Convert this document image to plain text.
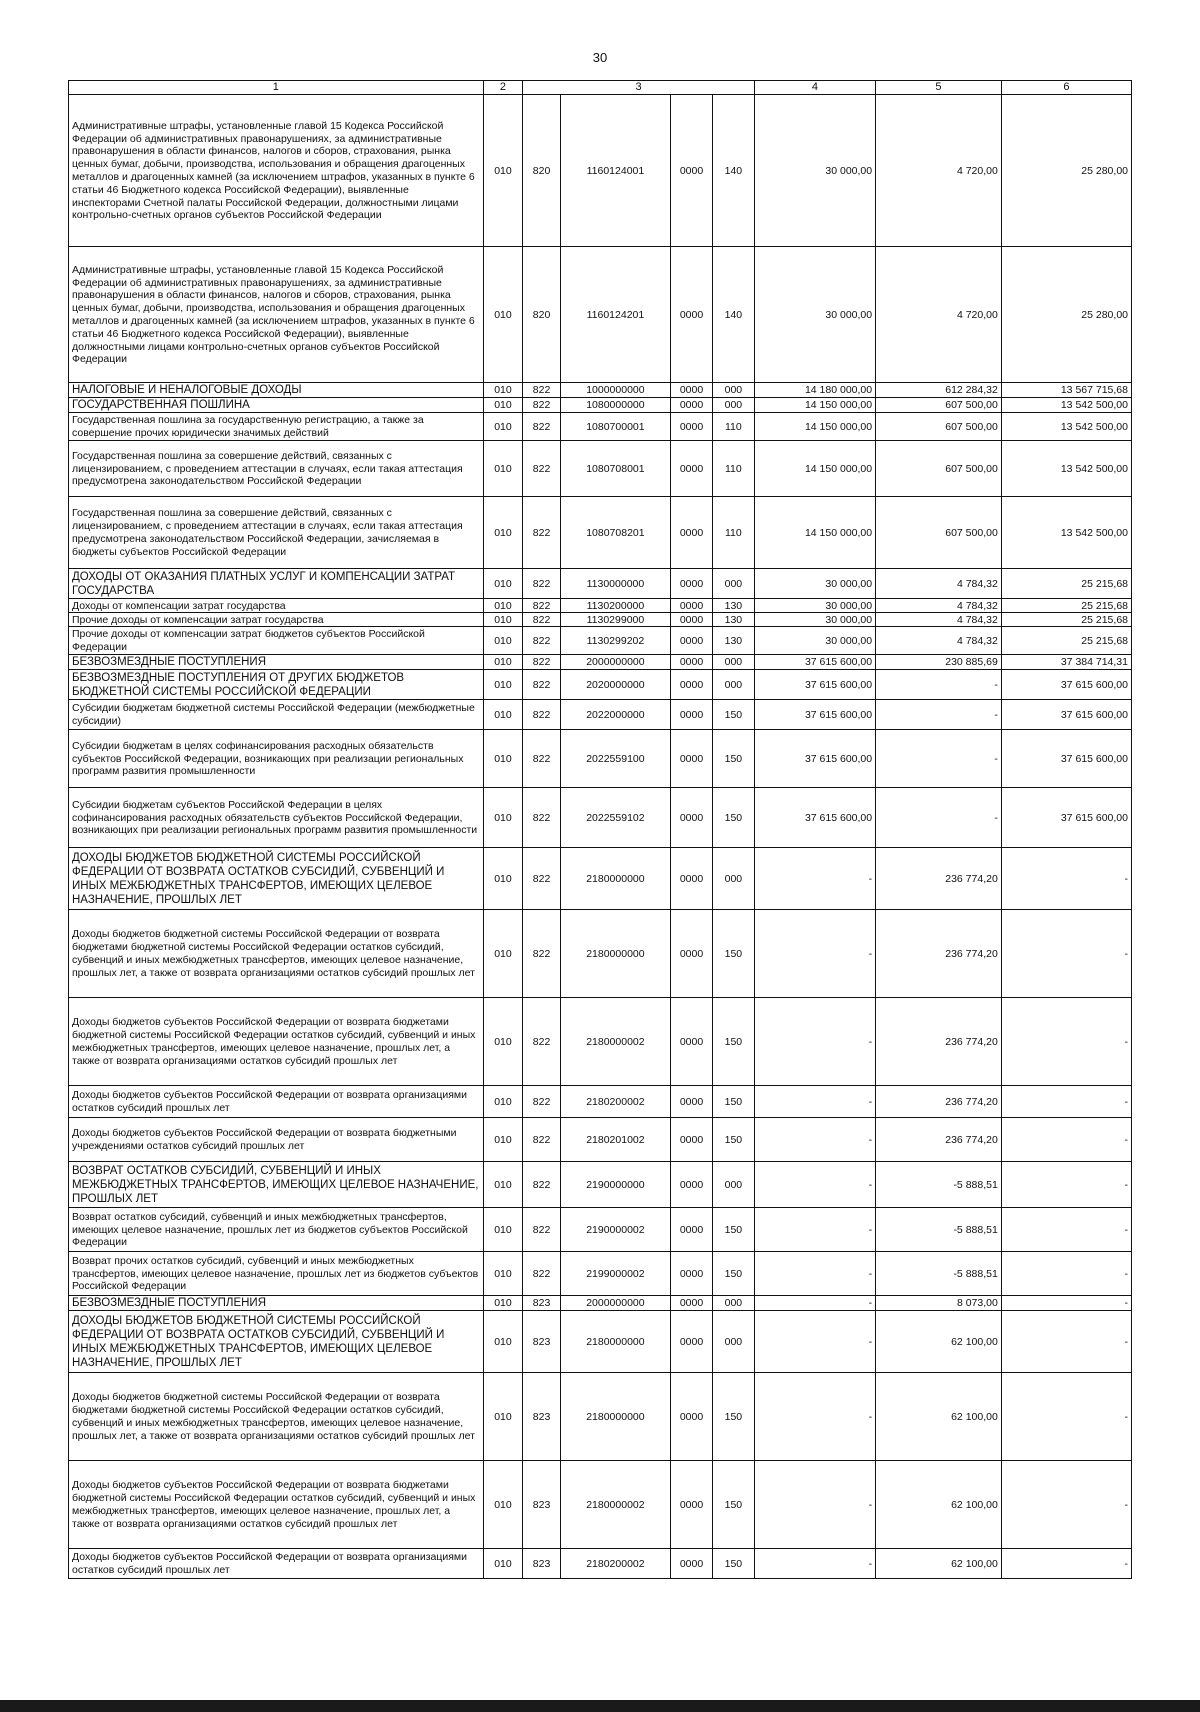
30
1	2	3				4	5	6
Административные штрафы, установленные главой 15 Кодекса Российской Федерации об административных правонарушениях, за административные правонарушения в области финансов, налогов и сборов, страхования, рынка ценных бумаг, добычи, производства, использования и обращения драгоценных металлов и драгоценных камней (за исключением штрафов, указанных в пункте 6 статьи 46 Бюджетного кодекса Российской Федерации), выявленные инспекторами Счетной палаты Российской Федерации, должностными лицами контрольно-счетных органов субъектов Российской Федерации	010	820	1160124001	0000	140	30 000,00	4 720,00	25 280,00
Административные штрафы, установленные главой 15 Кодекса Российской Федерации об административных правонарушениях, за административные правонарушения в области финансов, налогов и сборов, страхования, рынка ценных бумаг, добычи, производства, использования и обращения драгоценных металлов и драгоценных камней (за исключением штрафов, указанных в пункте 6 статьи 46 Бюджетного кодекса Российской Федерации), выявленные должностными лицами контрольно-счетных органов субъектов Российской Федерации	010	820	1160124201	0000	140	30 000,00	4 720,00	25 280,00
НАЛОГОВЫЕ И НЕНАЛОГОВЫЕ ДОХОДЫ	010	822	1000000000	0000	000	14 180 000,00	612 284,32	13 567 715,68
ГОСУДАРСТВЕННАЯ ПОШЛИНА	010	822	1080000000	0000	000	14 150 000,00	607 500,00	13 542 500,00
Государственная пошлина за государственную регистрацию, а также за совершение прочих юридически значимых действий	010	822	1080700001	0000	110	14 150 000,00	607 500,00	13 542 500,00
Государственная пошлина за совершение действий, связанных с лицензированием, с проведением аттестации в случаях, если такая аттестация предусмотрена законодательством Российской Федерации	010	822	1080708001	0000	110	14 150 000,00	607 500,00	13 542 500,00
Государственная пошлина за совершение действий, связанных с лицензированием, с проведением аттестации в случаях, если такая аттестация предусмотрена законодательством Российской Федерации, зачисляемая в бюджеты субъектов Российской Федерации	010	822	1080708201	0000	110	14 150 000,00	607 500,00	13 542 500,00
ДОХОДЫ ОТ ОКАЗАНИЯ ПЛАТНЫХ УСЛУГ И КОМПЕНСАЦИИ ЗАТРАТ ГОСУДАРСТВА	010	822	1130000000	0000	000	30 000,00	4 784,32	25 215,68
Доходы от компенсации затрат государства	010	822	1130200000	0000	130	30 000,00	4 784,32	25 215,68
Прочие доходы от компенсации затрат государства	010	822	1130299000	0000	130	30 000,00	4 784,32	25 215,68
Прочие доходы от компенсации затрат бюджетов субъектов Российской Федерации	010	822	1130299202	0000	130	30 000,00	4 784,32	25 215,68
БЕЗВОЗМЕЗДНЫЕ ПОСТУПЛЕНИЯ	010	822	2000000000	0000	000	37 615 600,00	230 885,69	37 384 714,31
БЕЗВОЗМЕЗДНЫЕ ПОСТУПЛЕНИЯ ОТ ДРУГИХ БЮДЖЕТОВ БЮДЖЕТНОЙ СИСТЕМЫ РОССИЙСКОЙ ФЕДЕРАЦИИ	010	822	2020000000	0000	000	37 615 600,00	-	37 615 600,00
Субсидии бюджетам бюджетной системы Российской Федерации (межбюджетные субсидии)	010	822	2022000000	0000	150	37 615 600,00	-	37 615 600,00
Субсидии бюджетам в целях софинансирования расходных обязательств субъектов Российской Федерации, возникающих при реализации региональных программ развития промышленности	010	822	2022559100	0000	150	37 615 600,00	-	37 615 600,00
Субсидии бюджетам субъектов Российской Федерации в целях софинансирования расходных обязательств субъектов Российской Федерации, возникающих при реализации региональных программ развития промышленности	010	822	2022559102	0000	150	37 615 600,00	-	37 615 600,00
ДОХОДЫ БЮДЖЕТОВ БЮДЖЕТНОЙ СИСТЕМЫ РОССИЙСКОЙ ФЕДЕРАЦИИ ОТ ВОЗВРАТА ОСТАТКОВ СУБСИДИЙ, СУБВЕНЦИЙ И ИНЫХ МЕЖБЮДЖЕТНЫХ ТРАНСФЕРТОВ, ИМЕЮЩИХ ЦЕЛЕВОЕ НАЗНАЧЕНИЕ, ПРОШЛЫХ ЛЕТ	010	822	2180000000	0000	000	-	236 774,20	-
Доходы бюджетов бюджетной системы Российской Федерации от возврата бюджетами бюджетной системы Российской Федерации остатков субсидий, субвенций и иных межбюджетных трансфертов, имеющих целевое назначение, прошлых лет, а также от возврата организациями остатков субсидий прошлых лет	010	822	2180000000	0000	150	-	236 774,20	-
Доходы бюджетов субъектов Российской Федерации от возврата бюджетами бюджетной системы Российской Федерации остатков субсидий, субвенций и иных межбюджетных трансфертов, имеющих целевое назначение, прошлых лет, а также от возврата организациями остатков субсидий прошлых лет	010	822	2180000002	0000	150	-	236 774,20	-
Доходы бюджетов субъектов Российской Федерации от возврата организациями остатков субсидий прошлых лет	010	822	2180200002	0000	150	-	236 774,20	-
Доходы бюджетов субъектов Российской Федерации от возврата бюджетными учреждениями остатков субсидий прошлых лет	010	822	2180201002	0000	150	-	236 774,20	-
ВОЗВРАТ ОСТАТКОВ СУБСИДИЙ, СУБВЕНЦИЙ И ИНЫХ МЕЖБЮДЖЕТНЫХ ТРАНСФЕРТОВ, ИМЕЮЩИХ ЦЕЛЕВОЕ НАЗНАЧЕНИЕ, ПРОШЛЫХ ЛЕТ	010	822	2190000000	0000	000	-	-5 888,51	-
Возврат остатков субсидий, субвенций и иных межбюджетных трансфертов, имеющих целевое назначение, прошлых лет из бюджетов субъектов Российской Федерации	010	822	2190000002	0000	150	-	-5 888,51	-
Возврат прочих остатков субсидий, субвенций и иных межбюджетных трансфертов, имеющих целевое назначение, прошлых лет из бюджетов субъектов Российской Федерации	010	822	2199000002	0000	150	-	-5 888,51	-
БЕЗВОЗМЕЗДНЫЕ ПОСТУПЛЕНИЯ	010	823	2000000000	0000	000	-	8 073,00	-
ДОХОДЫ БЮДЖЕТОВ БЮДЖЕТНОЙ СИСТЕМЫ РОССИЙСКОЙ ФЕДЕРАЦИИ ОТ ВОЗВРАТА ОСТАТКОВ СУБСИДИЙ, СУБВЕНЦИЙ И ИНЫХ МЕЖБЮДЖЕТНЫХ ТРАНСФЕРТОВ, ИМЕЮЩИХ ЦЕЛЕВОЕ НАЗНАЧЕНИЕ, ПРОШЛЫХ ЛЕТ	010	823	2180000000	0000	000	-	62 100,00	-
Доходы бюджетов бюджетной системы Российской Федерации от возврата бюджетами бюджетной системы Российской Федерации остатков субсидий, субвенций и иных межбюджетных трансфертов, имеющих целевое назначение, прошлых лет, а также от возврата организациями остатков субсидий прошлых лет	010	823	2180000000	0000	150	-	62 100,00	-
Доходы бюджетов субъектов Российской Федерации от возврата бюджетами бюджетной системы Российской Федерации остатков субсидий, субвенций и иных межбюджетных трансфертов, имеющих целевое назначение, прошлых лет, а также от возврата организациями остатков субсидий прошлых лет	010	823	2180000002	0000	150	-	62 100,00	-
Доходы бюджетов субъектов Российской Федерации от возврата организациями остатков субсидий прошлых лет	010	823	2180200002	0000	150	-	62 100,00	-
